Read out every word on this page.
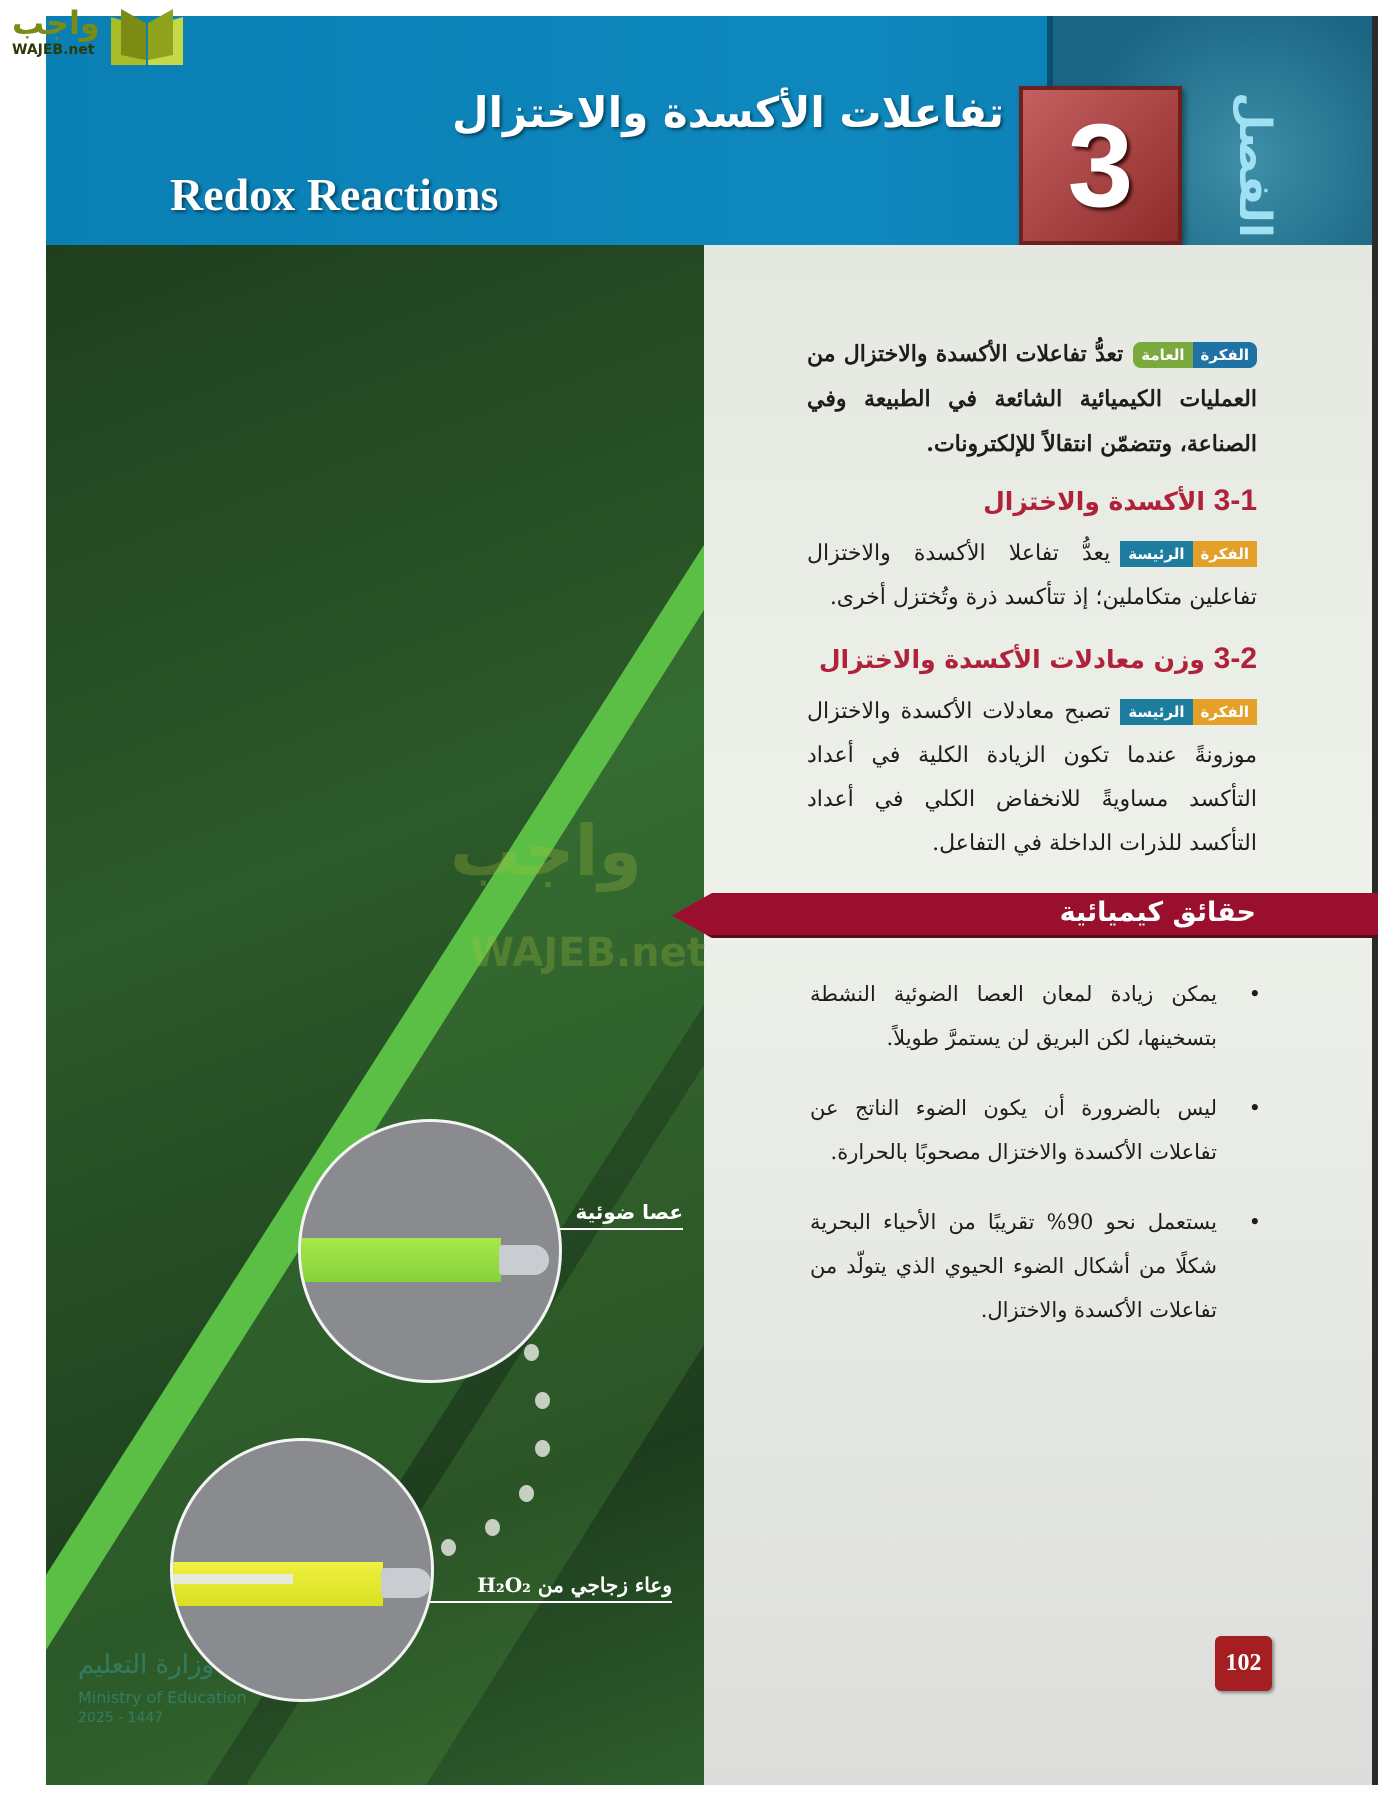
الفصل
3
تفاعلات الأكسدة والاختزال
Redox Reactions
واجب
WAJEB.net
واجب
WAJEB.net
الفكرة
العامة
تعدُّ تفاعلات الأكسدة والاختزال من العمليات الكيميائية الشائعة في الطبيعة وفي الصناعة، وتتضمّن انتقالاً للإلكترونات.
3-1 الأكسدة والاختزال
الفكرة
الرئيسة
يعدُّ تفاعلا الأكسدة والاختزال تفاعلين متكاملين؛ إذ تتأكسد ذرة وتُختزل أخرى.
3-2 وزن معادلات الأكسدة والاختزال
الفكرة
الرئيسة
تصبح معادلات الأكسدة والاختزال موزونةً عندما تكون الزيادة الكلية في أعداد التأكسد مساويةً للانخفاض الكلي في أعداد التأكسد للذرات الداخلة في التفاعل.
حقائق كيميائية
• يمكن زيادة لمعان العصا الضوئية النشطة بتسخينها، لكن البريق لن يستمرَّ طويلاً.
• ليس بالضرورة أن يكون الضوء الناتج عن تفاعلات الأكسدة والاختزال مصحوبًا بالحرارة.
• يستعمل نحو 90% تقريبًا من الأحياء البحرية شكلًا من أشكال الضوء الحيوي الذي يتولّد من تفاعلات الأكسدة والاختزال.
عصا ضوئية
وعاء زجاجي من H₂O₂
وزارة التعليم
Ministry of Education
2025 - 1447
102
